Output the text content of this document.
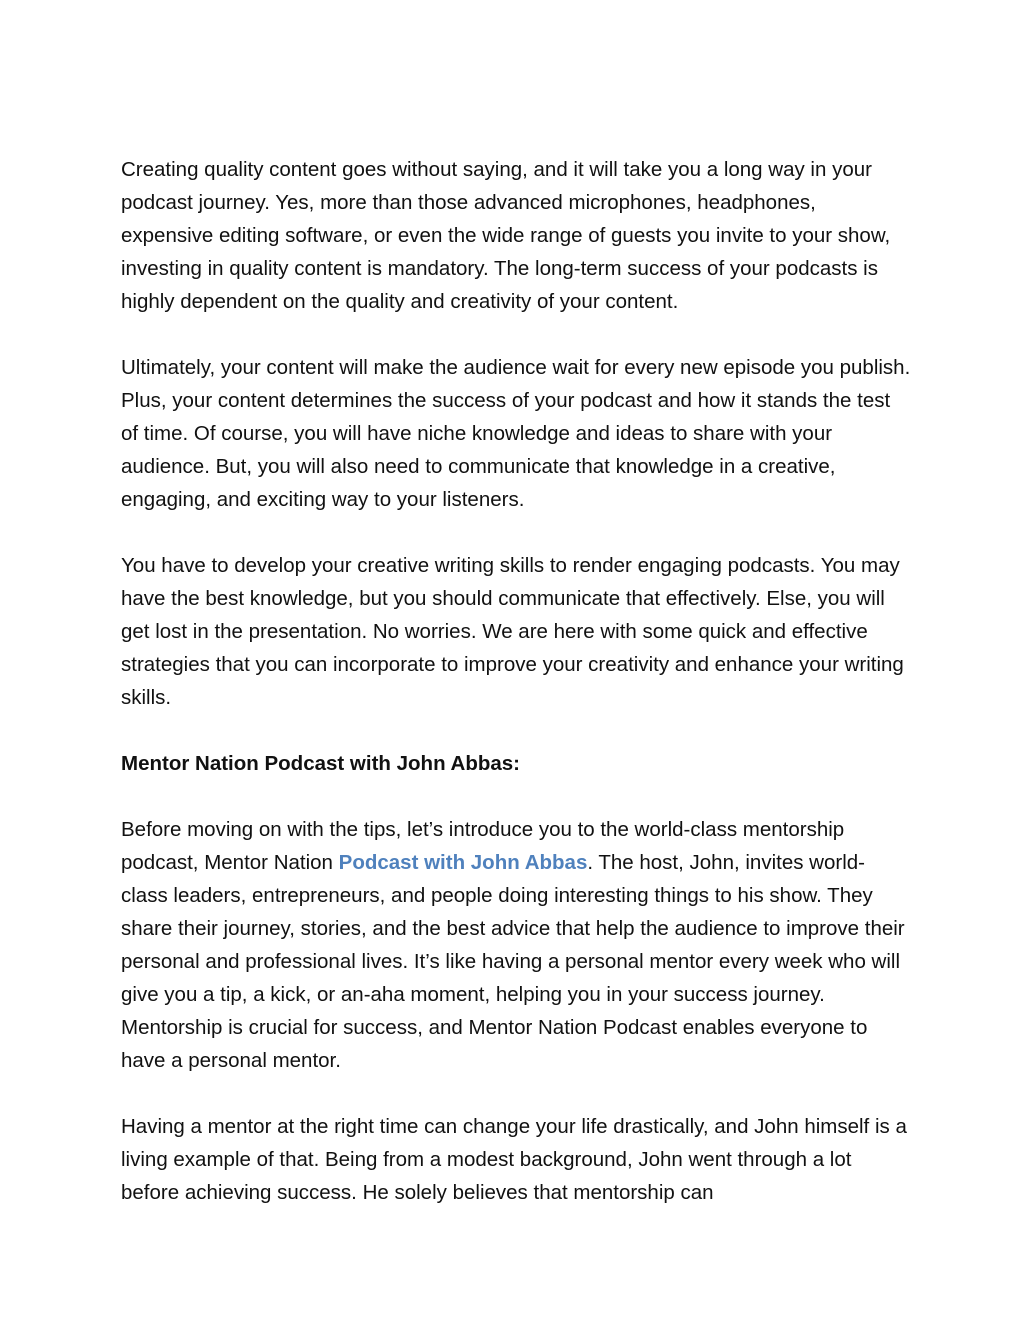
Creating quality content goes without saying, and it will take you a long way in your podcast journey. Yes, more than those advanced microphones, headphones, expensive editing software, or even the wide range of guests you invite to your show, investing in quality content is mandatory. The long-term success of your podcasts is highly dependent on the quality and creativity of your content.

Ultimately, your content will make the audience wait for every new episode you publish. Plus, your content determines the success of your podcast and how it stands the test of time. Of course, you will have niche knowledge and ideas to share with your audience. But, you will also need to communicate that knowledge in a creative, engaging, and exciting way to your listeners.

You have to develop your creative writing skills to render engaging podcasts. You may have the best knowledge, but you should communicate that effectively. Else, you will get lost in the presentation. No worries. We are here with some quick and effective strategies that you can incorporate to improve your creativity and enhance your writing skills.

Mentor Nation Podcast with John Abbas:

Before moving on with the tips, let’s introduce you to the world-class mentorship podcast, Mentor Nation Podcast with John Abbas. The host, John, invites world-class leaders, entrepreneurs, and people doing interesting things to his show. They share their journey, stories, and the best advice that help the audience to improve their personal and professional lives. It’s like having a personal mentor every week who will give you a tip, a kick, or an-aha moment, helping you in your success journey. Mentorship is crucial for success, and Mentor Nation Podcast enables everyone to have a personal mentor.

Having a mentor at the right time can change your life drastically, and John himself is a living example of that. Being from a modest background, John went through a lot before achieving success. He solely believes that mentorship can
